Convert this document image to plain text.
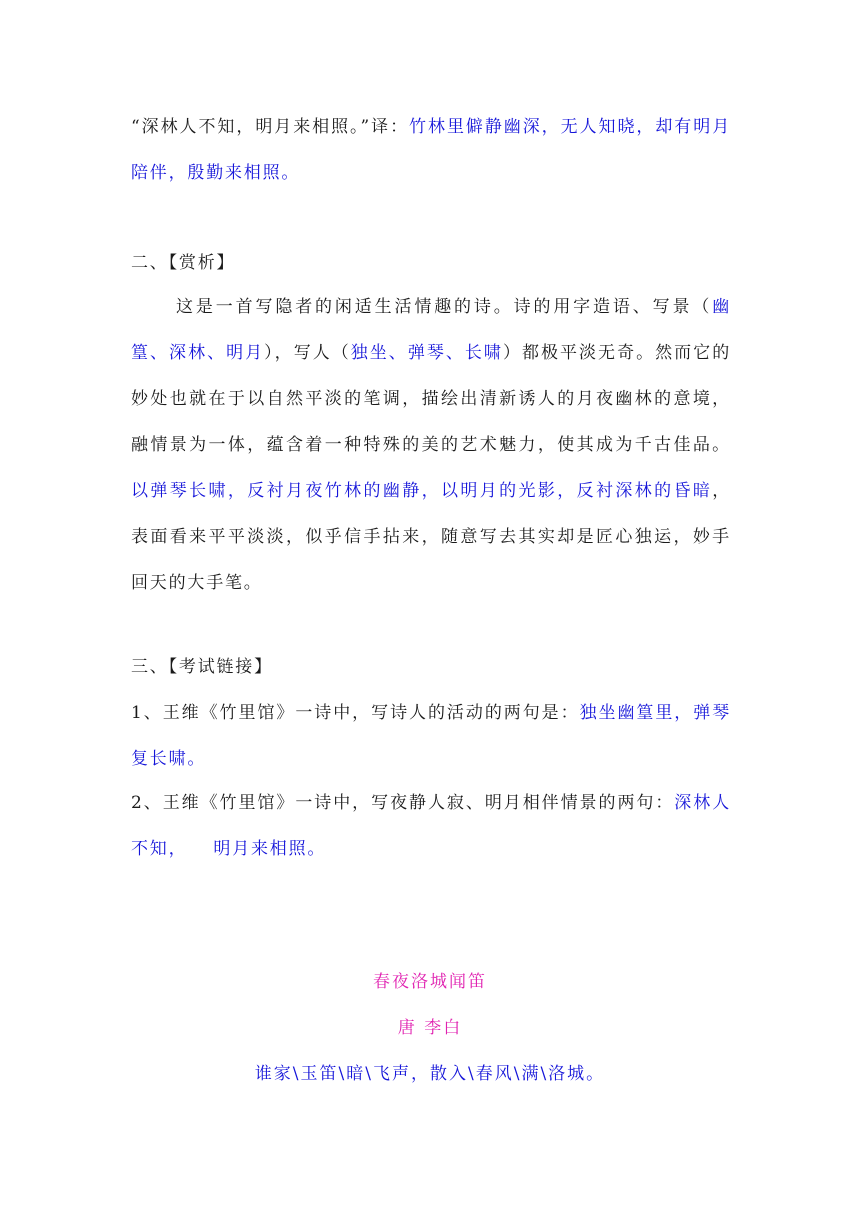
“深林人不知，明月来相照。”译：竹林里僻静幽深，无人知晓，却有明月陪伴，殷勤来相照。
二、【赏析】
这是一首写隐者的闲适生活情趣的诗。诗的用字造语、写景（幽篁、深林、明月），写人（独坐、弹琴、长啸）都极平淡无奇。然而它的妙处也就在于以自然平淡的笔调，描绘出清新诱人的月夜幽林的意境，融情景为一体，蕴含着一种特殊的美的艺术魅力，使其成为千古佳品。以弹琴长啸，反衬月夜竹林的幽静，以明月的光影，反衬深林的昏暗，表面看来平平淡淡，似乎信手拈来，随意写去其实却是匠心独运，妙手回天的大手笔。
三、【考试链接】
1、王维《竹里馆》一诗中，写诗人的活动的两句是：独坐幽篁里，弹琴复长啸。
2、王维《竹里馆》一诗中，写夜静人寂、明月相伴情景的两句：深林人不知， 明月来相照。
春夜洛城闻笛
唐 李白
谁家\玉笛\暗\飞声，散入\春风\满\洛城。
